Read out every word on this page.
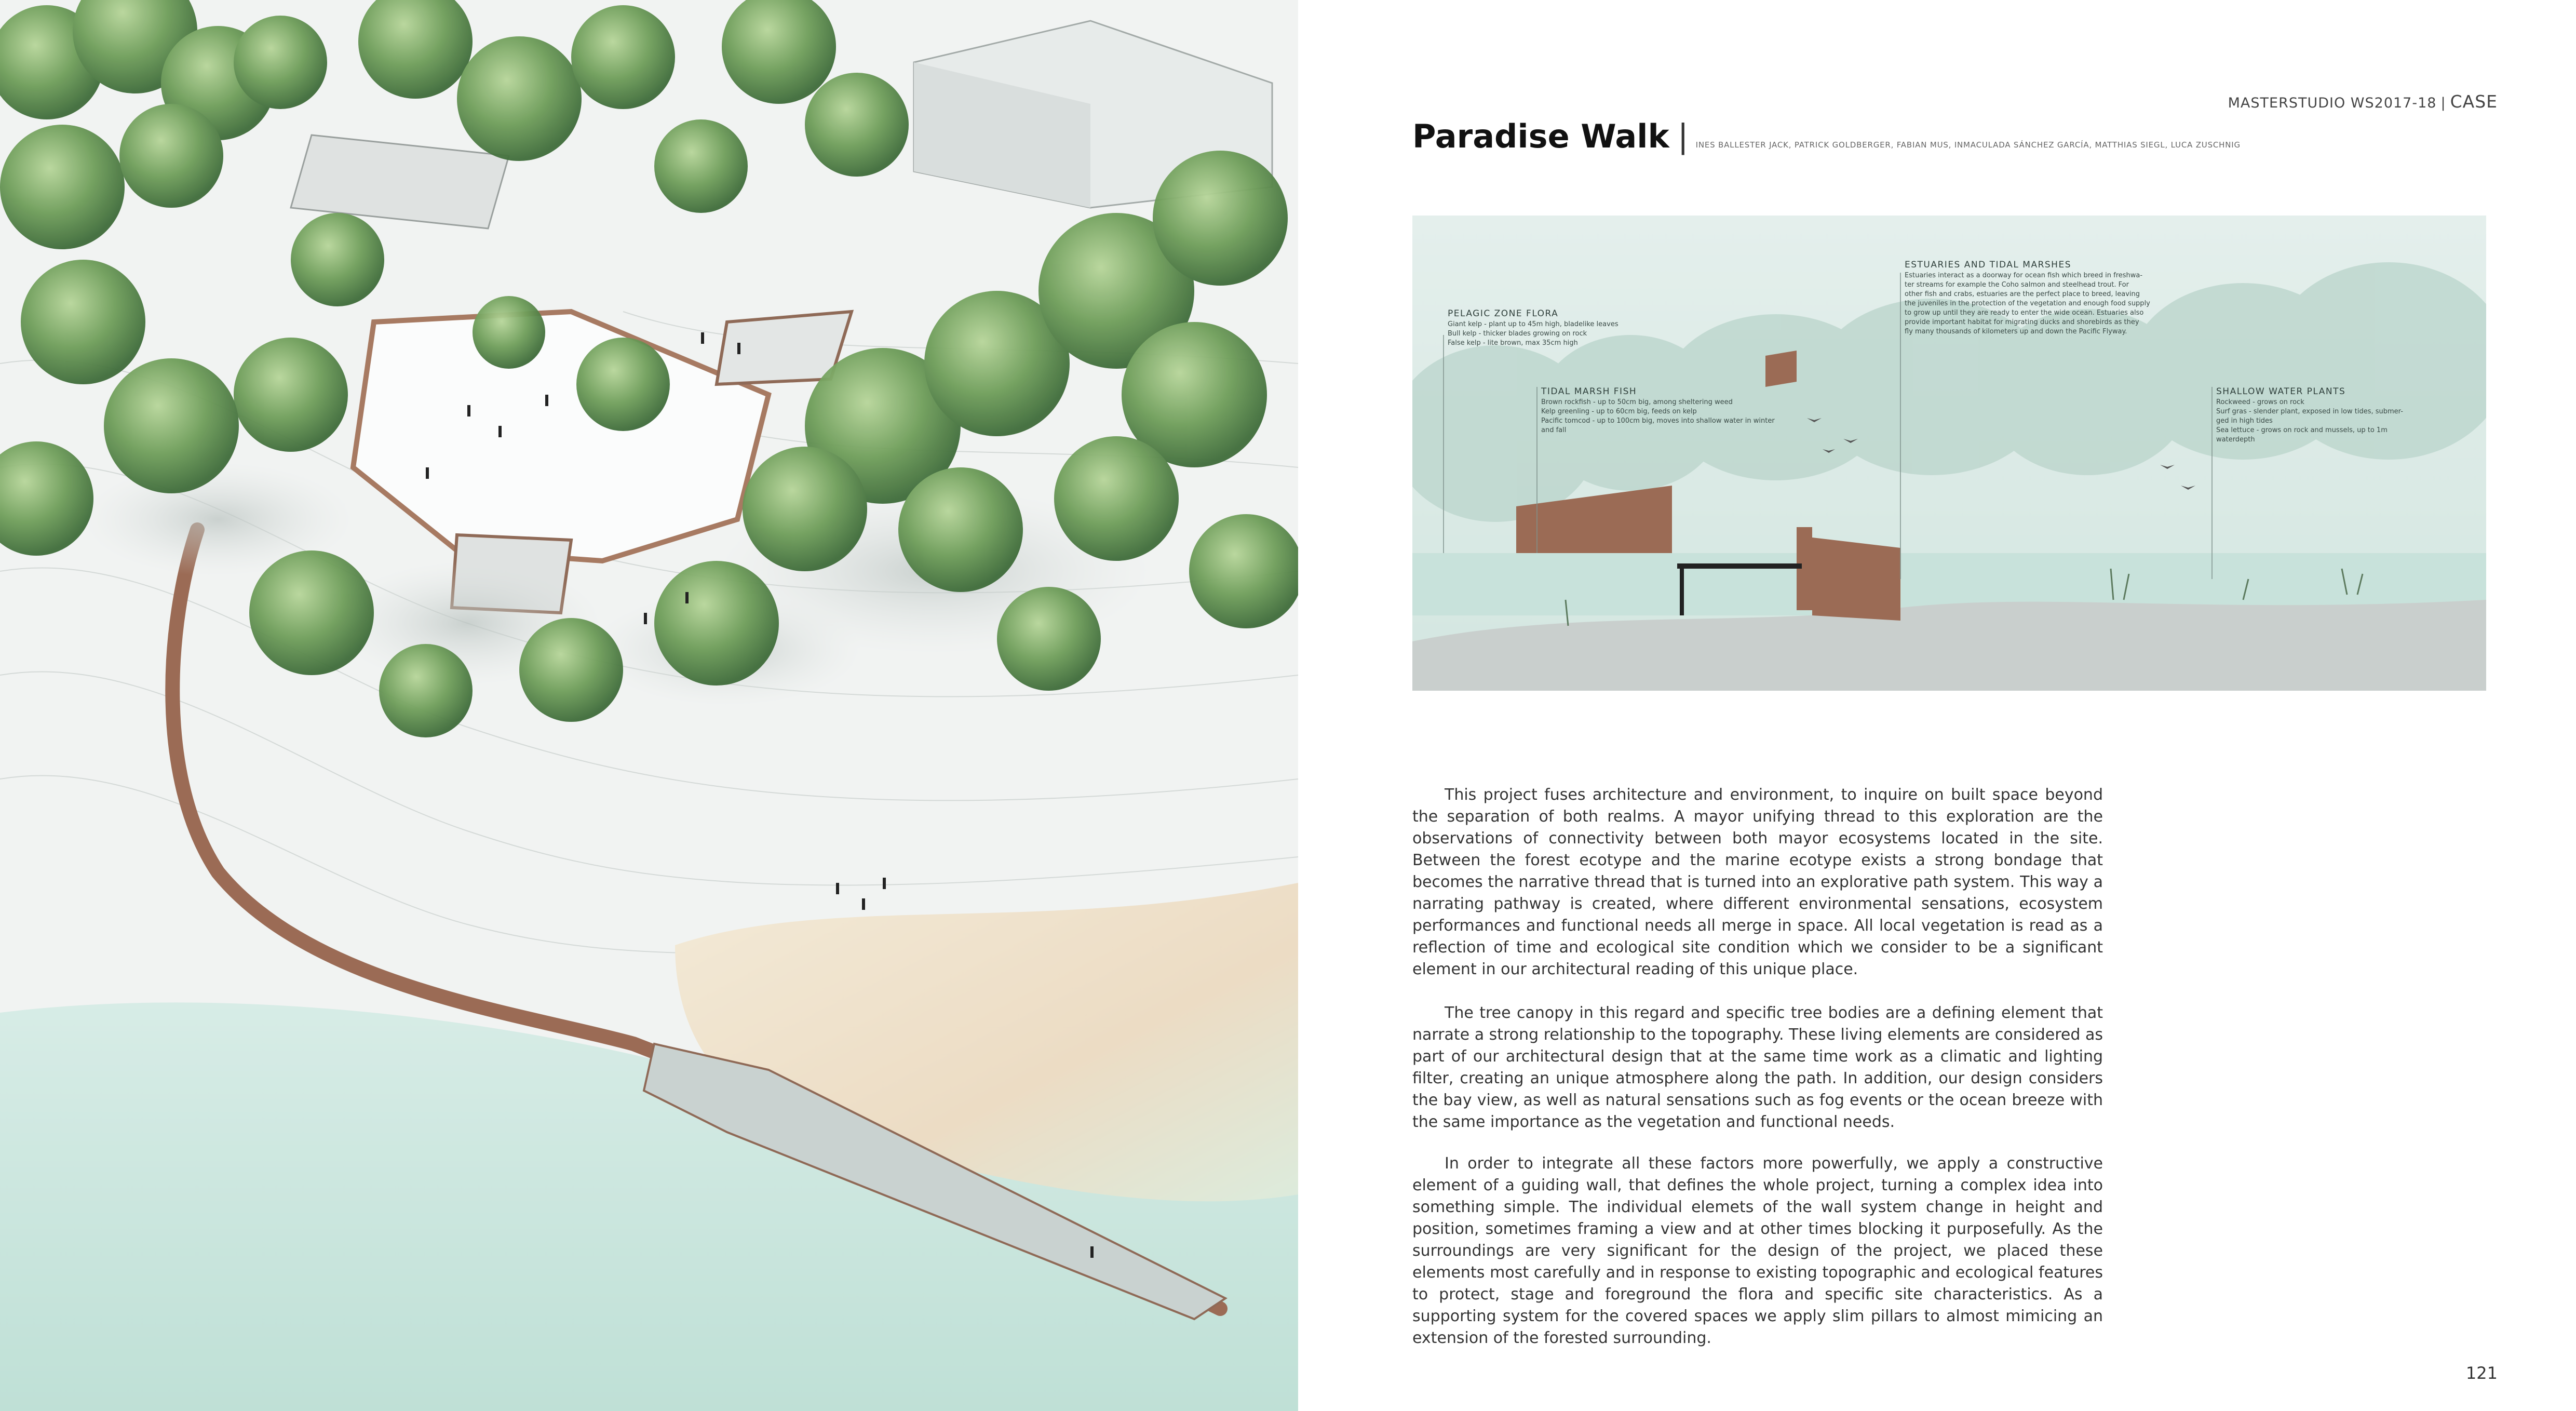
MASTERSTUDIO WS2017-18 | CASE
Paradise Walk | INES BALLESTER JACK, PATRICK GOLDBERGER, FABIAN MUS, INMACULADA SÁNCHEZ GARCÍA, MATTHIAS SIEGL, LUCA ZUSCHNIG
PELAGIC ZONE FLORA
Giant kelp - plant up to 45m high, bladelike leaves
Bull kelp - thicker blades growing on rock
False kelp - lite brown, max 35cm high
TIDAL MARSH FISH
Brown rockfish - up to 50cm big, among sheltering weed
Kelp greenling - up to 60cm big, feeds on kelp
Pacific tomcod - up to 100cm big, moves into shallow water in winter
and fall
ESTUARIES AND TIDAL MARSHES
Estuaries interact as a doorway for ocean fish which breed in freshwa-
ter streams for example the Coho salmon and steelhead trout. For
other fish and crabs, estuaries are the perfect place to breed, leaving
the juveniles in the protection of the vegetation and enough food supply
to grow up until they are ready to enter the wide ocean. Estuaries also
provide important habitat for migrating ducks and shorebirds as they
fly many thousands of kilometers up and down the Pacific Flyway.
SHALLOW WATER PLANTS
Rockweed - grows on rock
Surf gras - slender plant, exposed in low tides, submer-
ged in high tides
Sea lettuce - grows on rock and mussels, up to 1m
waterdepth

This project fuses architecture and environment, to inquire on built space beyond the separation of both realms. A mayor unifying thread to this exploration are the observations of connectivity between both mayor ecosystems located in the site. Between the forest ecotype and the marine ecotype exists a strong bondage that becomes the narrative thread that is turned into an explorative path system. This way a narrating pathway is created, where different environmental sensations, ecosystem performances and functional needs all merge in space. All local vegetation is read as a reflection of time and ecological site condition which we consider to be a significant element in our architectural reading of this unique place.

The tree canopy in this regard and specific tree bodies are a defining element that narrate a strong relationship to the topography. These living elements are considered as part of our architectural design that at the same time work as a climatic and lighting filter, creating an unique atmosphere along the path. In addition, our design considers the bay view, as well as natural sensations such as fog events or the ocean breeze with the same importance as the vegetation and functional needs.

In order to integrate all these factors more powerfully, we apply a constructive element of a guiding wall, that defines the whole project, turning a complex idea into something simple. The individual elemets of the wall system change in height and position, sometimes framing a view and at other times blocking it purposefully. As the surroundings are very significant for the design of the project, we placed these elements most carefully and in response to existing topographic and ecological features to protect, stage and foreground the flora and specific site characteristics. As a supporting system for the covered spaces we apply slim pillars to almost mimicing an extension of the forested surrounding.

121
